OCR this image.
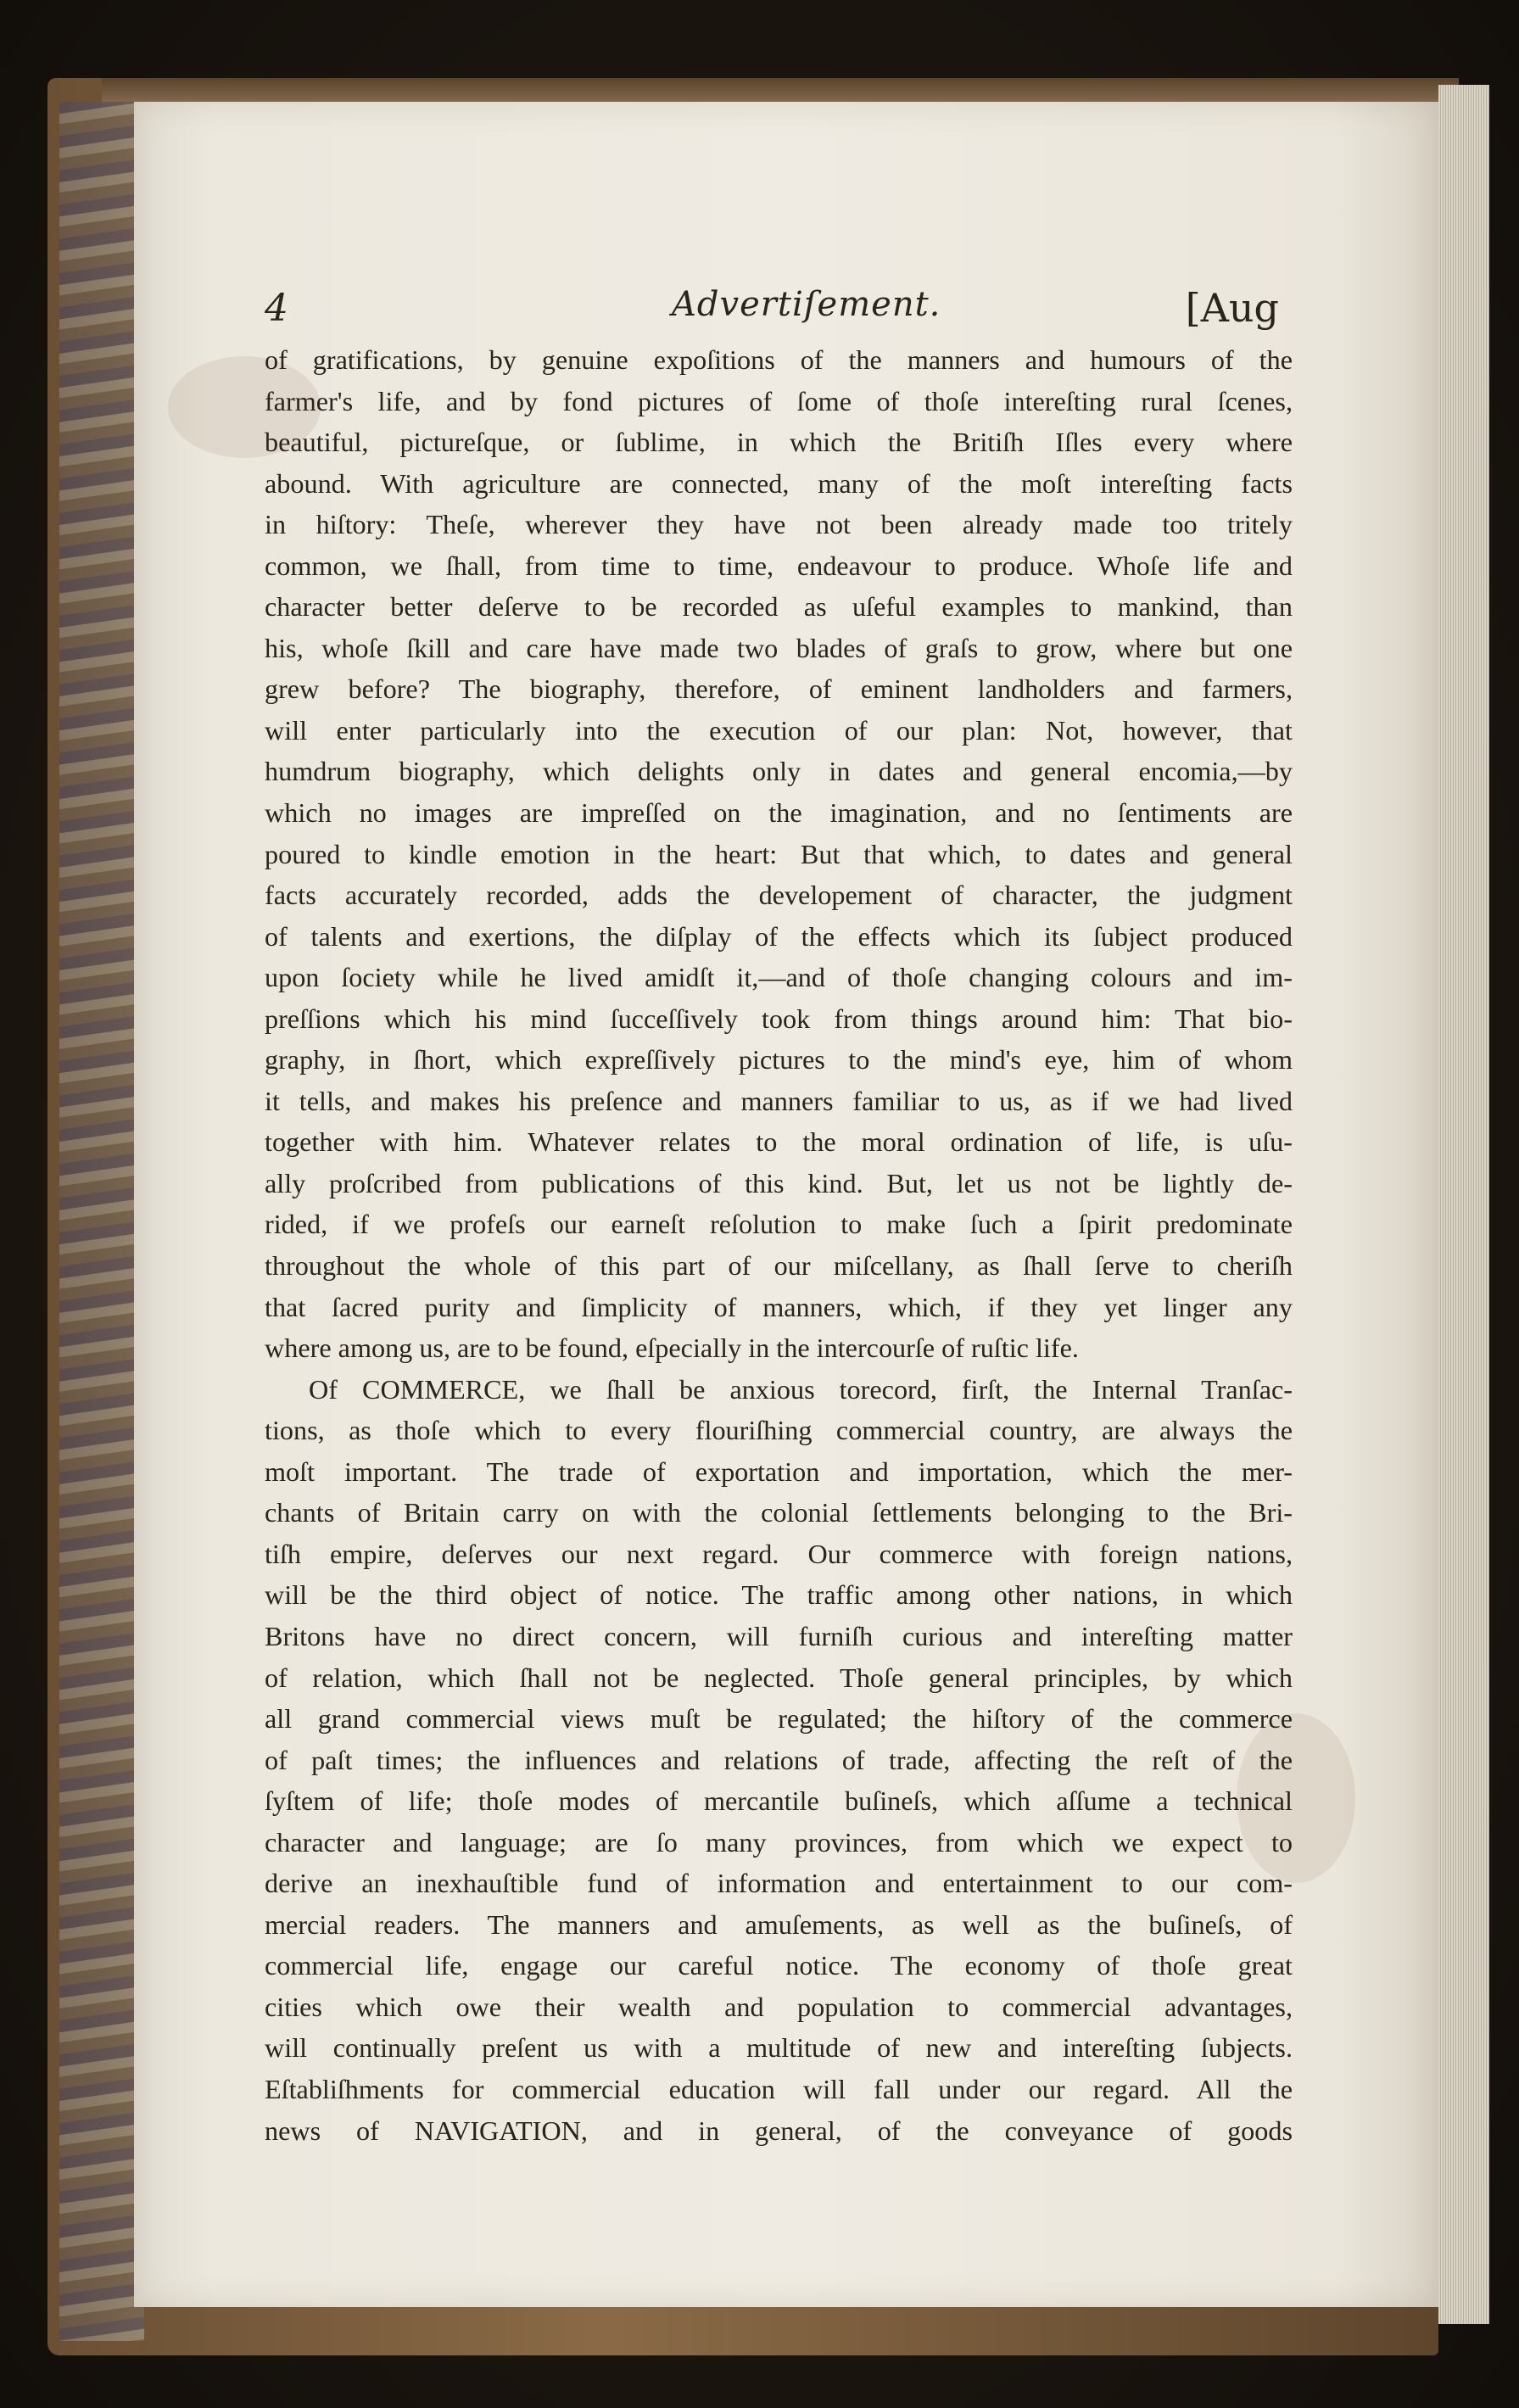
4	Advertiſement.	[Aug
of gratifications, by genuine expoſitions of the manners and humours of the
farmer's life, and by fond pictures of ſome of thoſe intereſting rural ſcenes,
beautiful, pictureſque, or ſublime, in which the Britiſh Iſles every where
abound. With agriculture are connected, many of the moſt intereſting facts
in hiſtory: Theſe, wherever they have not been already made too tritely
common, we ſhall, from time to time, endeavour to produce. Whoſe life and
character better deſerve to be recorded as uſeful examples to mankind, than
his, whoſe ſkill and care have made two blades of graſs to grow, where but one
grew before? The biography, therefore, of eminent landholders and farmers,
will enter particularly into the execution of our plan: Not, however, that
humdrum biography, which delights only in dates and general encomia,—by
which no images are impreſſed on the imagination, and no ſentiments are
poured to kindle emotion in the heart: But that which, to dates and general
facts accurately recorded, adds the developement of character, the judgment
of talents and exertions, the diſplay of the effects which its ſubject produced
upon ſociety while he lived amidſt it,—and of thoſe changing colours and im-
preſſions which his mind ſucceſſively took from things around him: That bio-
graphy, in ſhort, which expreſſively pictures to the mind's eye, him of whom
it tells, and makes his preſence and manners familiar to us, as if we had lived
together with him. Whatever relates to the moral ordination of life, is uſu-
ally proſcribed from publications of this kind. But, let us not be lightly de-
rided, if we profeſs our earneſt reſolution to make ſuch a ſpirit predominate
throughout the whole of this part of our miſcellany, as ſhall ſerve to cheriſh
that ſacred purity and ſimplicity of manners, which, if they yet linger any
where among us, are to be found, eſpecially in the intercourſe of ruſtic life.
Of COMMERCE, we ſhall be anxious torecord, firſt, the Internal Tranſac-
tions, as thoſe which to every flouriſhing commercial country, are always the
moſt important. The trade of exportation and importation, which the mer-
chants of Britain carry on with the colonial ſettlements belonging to the Bri-
tiſh empire, deſerves our next regard. Our commerce with foreign nations,
will be the third object of notice. The traffic among other nations, in which
Britons have no direct concern, will furniſh curious and intereſting matter
of relation, which ſhall not be neglected. Thoſe general principles, by which
all grand commercial views muſt be regulated; the hiſtory of the commerce
of paſt times; the influences and relations of trade, affecting the reſt of the
ſyſtem of life; thoſe modes of mercantile buſineſs, which aſſume a technical
character and language; are ſo many provinces, from which we expect to
derive an inexhauſtible fund of information and entertainment to our com-
mercial readers. The manners and amuſements, as well as the buſineſs, of
commercial life, engage our careful notice. The economy of thoſe great
cities which owe their wealth and population to commercial advantages,
will continually preſent us with a multitude of new and intereſting ſubjects.
Eſtabliſhments for commercial education will fall under our regard. All the
news of NAVIGATION, and in general, of the conveyance of goods
